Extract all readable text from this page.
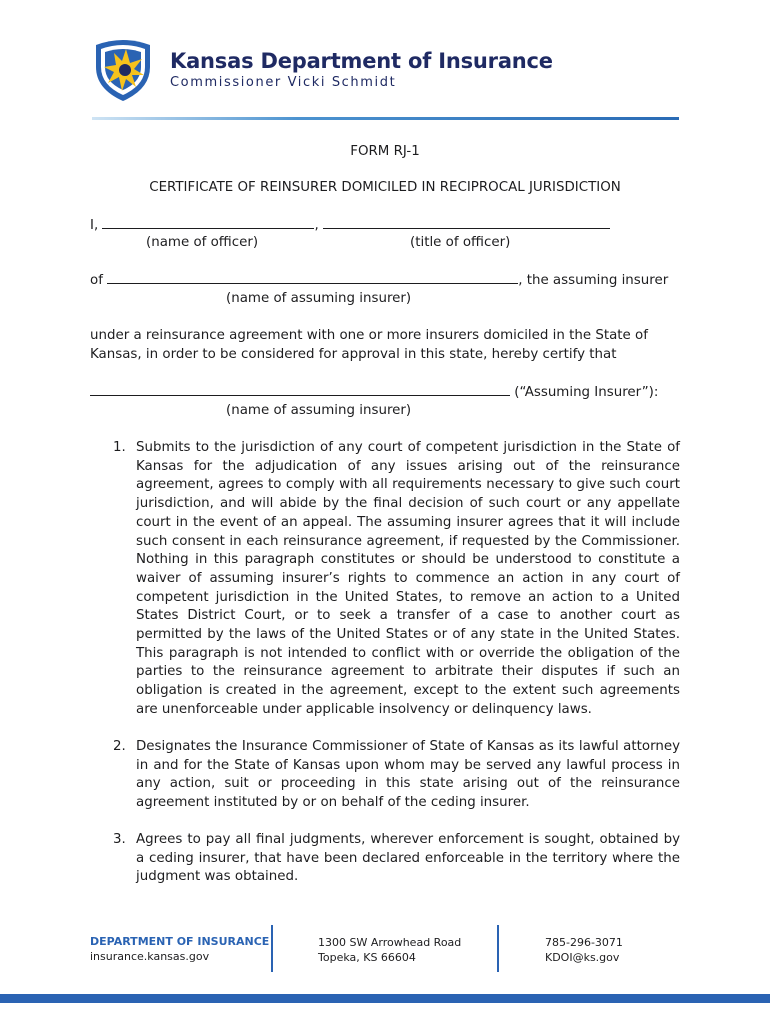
Kansas Department of Insurance
Commissioner Vicki Schmidt
FORM RJ-1
CERTIFICATE OF REINSURER DOMICILED IN RECIPROCAL JURISDICTION
I,	,
(name of officer)	(title of officer)
of	, the assuming insurer
(name of assuming insurer)
under a reinsurance agreement with one or more insurers domiciled in the State of
Kansas, in order to be considered for approval in this state, hereby certify that
(“Assuming Insurer”):
(name of assuming insurer)
1. Submits to the jurisdiction of any court of competent jurisdiction in the State of Kansas for the adjudication of any issues arising out of the reinsurance agreement, agrees to comply with all requirements necessary to give such court jurisdiction, and will abide by the final decision of such court or any appellate court in the event of an appeal. The assuming insurer agrees that it will include such consent in each reinsurance agreement, if requested by the Commissioner. Nothing in this paragraph constitutes or should be understood to constitute a waiver of assuming insurer’s rights to commence an action in any court of competent jurisdiction in the United States, to remove an action to a United States District Court, or to seek a transfer of a case to another court as permitted by the laws of the United States or of any state in the United States. This paragraph is not intended to conflict with or override the obligation of the parties to the reinsurance agreement to arbitrate their disputes if such an obligation is created in the agreement, except to the extent such agreements are unenforceable under applicable insolvency or delinquency laws.
2. Designates the Insurance Commissioner of State of Kansas as its lawful attorney in and for the State of Kansas upon whom may be served any lawful process in any action, suit or proceeding in this state arising out of the reinsurance agreement instituted by or on behalf of the ceding insurer.
3. Agrees to pay all final judgments, wherever enforcement is sought, obtained by a ceding insurer, that have been declared enforceable in the territory where the judgment was obtained.
DEPARTMENT OF INSURANCE
insurance.kansas.gov
1300 SW Arrowhead Road
Topeka, KS 66604
785-296-3071
KDOI@ks.gov
